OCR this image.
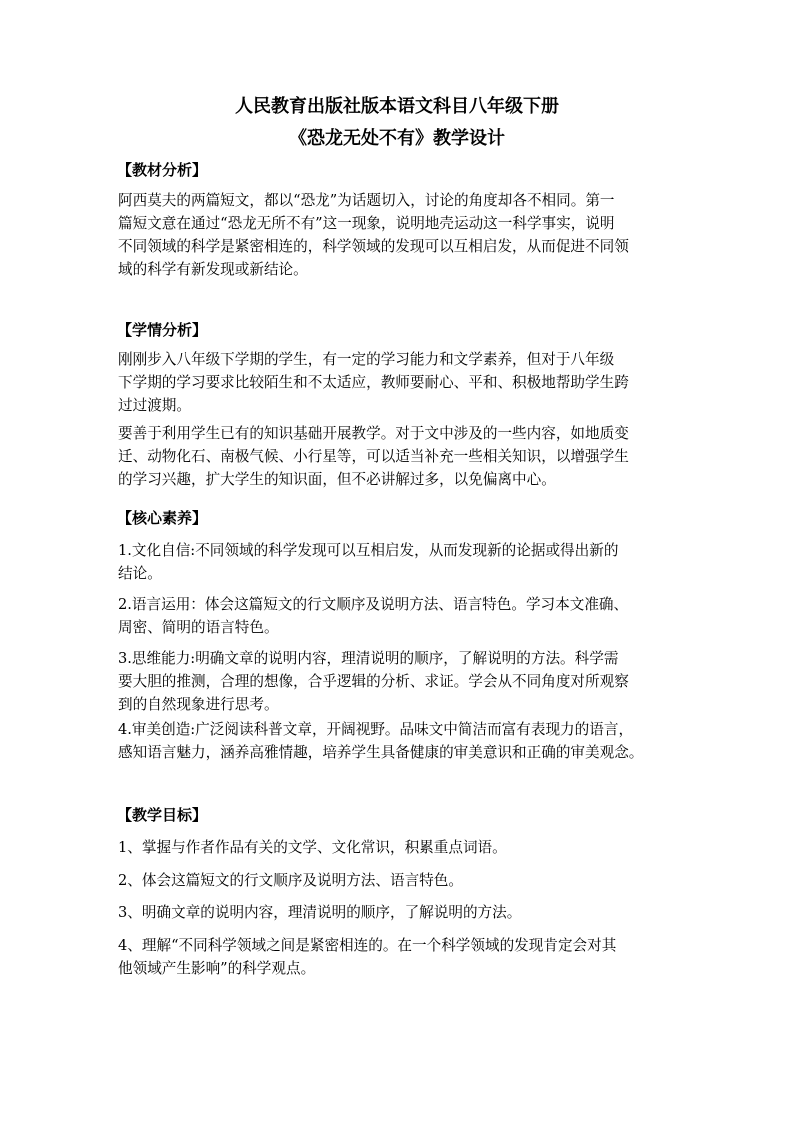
人民教育出版社版本语文科目八年级下册
《恐龙无处不有》教学设计
【教材分析】
阿西莫夫的两篇短文，都以“恐龙”为话题切入，讨论的角度却各不相同。第一
篇短文意在通过“恐龙无所不有”这一现象，说明地壳运动这一科学事实，说明
不同领域的科学是紧密相连的，科学领域的发现可以互相启发，从而促进不同领
域的科学有新发现或新结论。
【学情分析】
刚刚步入八年级下学期的学生，有一定的学习能力和文学素养，但对于八年级
下学期的学习要求比较陌生和不太适应，教师要耐心、平和、积极地帮助学生跨
过过渡期。
要善于利用学生已有的知识基础开展教学。对于文中涉及的一些内容，如地质变
迁、动物化石、南极气候、小行星等，可以适当补充一些相关知识，以增强学生
的学习兴趣，扩大学生的知识面，但不必讲解过多，以免偏离中心。
【核心素养】
1.文化自信:不同领域的科学发现可以互相启发，从而发现新的论据或得出新的
结论。
2.语言运用：体会这篇短文的行文顺序及说明方法、语言特色。学习本文准确、
周密、简明的语言特色。
3.思维能力:明确文章的说明内容，理清说明的顺序，了解说明的方法。科学需
要大胆的推测，合理的想像，合乎逻辑的分析、求证。学会从不同角度对所观察
到的自然现象进行思考。
4.审美创造:广泛阅读科普文章，开阔视野。品味文中简洁而富有表现力的语言，
感知语言魅力，涵养高雅情趣，培养学生具备健康的审美意识和正确的审美观念。
【教学目标】
1、掌握与作者作品有关的文学、文化常识，积累重点词语。
2、体会这篇短文的行文顺序及说明方法、语言特色。
3、明确文章的说明内容，理清说明的顺序，了解说明的方法。
4、理解“不同科学领域之间是紧密相连的。在一个科学领域的发现肯定会对其
他领域产生影响”的科学观点。
